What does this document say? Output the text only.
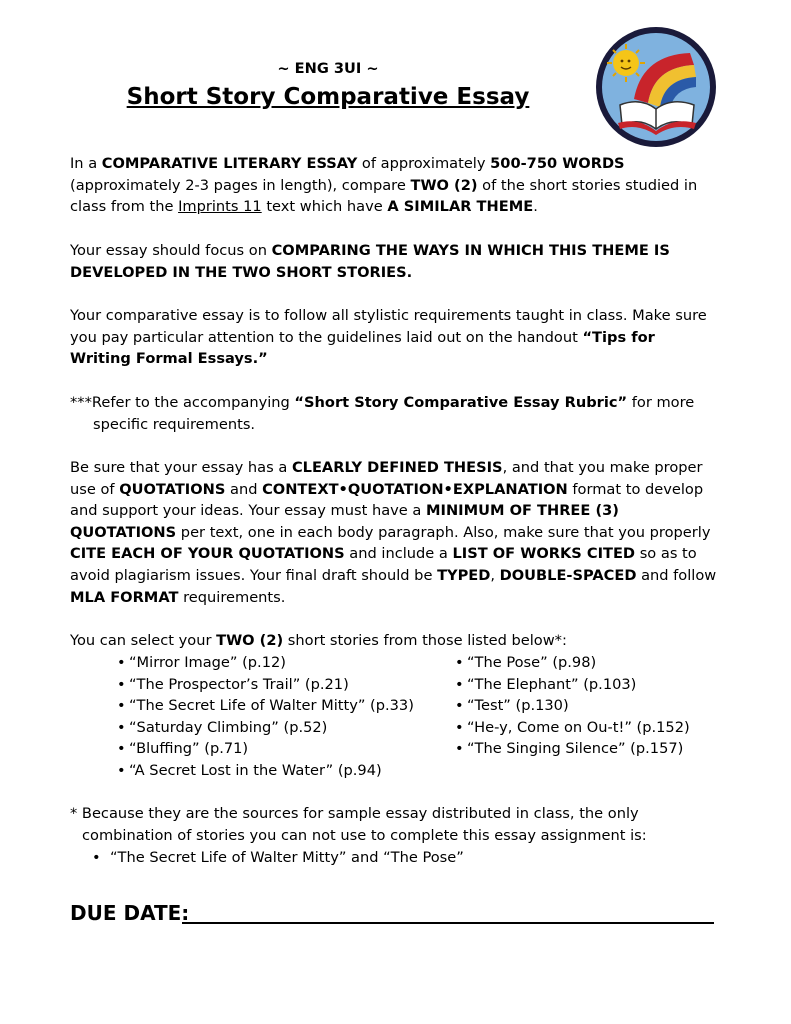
~ ENG 3UI ~
Short Story Comparative Essay

In a COMPARATIVE LITERARY ESSAY of approximately 500-750 WORDS (approximately 2-3 pages in length), compare TWO (2) of the short stories studied in class from the Imprints 11 text which have A SIMILAR THEME.

Your essay should focus on COMPARING THE WAYS IN WHICH THIS THEME IS DEVELOPED IN THE TWO SHORT STORIES.

Your comparative essay is to follow all stylistic requirements taught in class. Make sure you pay particular attention to the guidelines laid out on the handout “Tips for Writing Formal Essays.”

***Refer to the accompanying “Short Story Comparative Essay Rubric” for more specific requirements.

Be sure that your essay has a CLEARLY DEFINED THESIS, and that you make proper use of QUOTATIONS and CONTEXT•QUOTATION•EXPLANATION format to develop and support your ideas. Your essay must have a MINIMUM OF THREE (3) QUOTATIONS per text, one in each body paragraph. Also, make sure that you properly CITE EACH OF YOUR QUOTATIONS and include a LIST OF WORKS CITED so as to avoid plagiarism issues. Your final draft should be TYPED, DOUBLE-SPACED and follow MLA FORMAT requirements.

You can select your TWO (2) short stories from those listed below*:

• “Mirror Image” (p.12)
• “The Prospector’s Trail” (p.21)
• “The Secret Life of Walter Mitty” (p.33)
• “Saturday Climbing” (p.52)
• “Bluffing” (p.71)
• “A Secret Lost in the Water” (p.94)
• “The Pose” (p.98)
• “The Elephant” (p.103)
• “Test” (p.130)
• “He-y, Come on Ou-t!” (p.152)
• “The Singing Silence” (p.157)

* Because they are the sources for sample essay distributed in class, the only combination of stories you can not use to complete this essay assignment is:

• “The Secret Life of Walter Mitty” and “The Pose”
DUE DATE:
